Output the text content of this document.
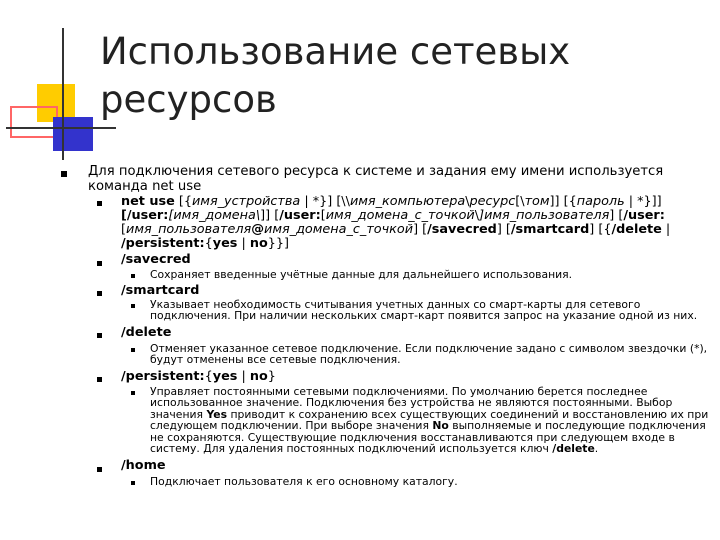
Использование сетевых
ресурсов
Для подключения сетевого ресурса к системе и задания ему имени используется
команда net use
net use [{имя_устройства | *}] [\\имя_компьютера\ресурс[\том]] [{пароль | *}]]
[/user:[имя_домена\]] [/user:[имя_домена_с_точкой\]имя_пользователя] [/user:
[имя_пользователя@имя_домена_с_точкой] [/savecred] [/smartcard] [{/delete |
/persistent:{yes | no}}]
/savecred
Сохраняет введенные учётные данные для дальнейшего использования.
/smartcard
Указывает необходимость считывания учетных данных со смарт-карты для сетевого
подключения. При наличии нескольких смарт-карт появится запрос на указание одной из них.
/delete
Отменяет указанное сетевое подключение. Если подключение задано с символом звездочки (*),
будут отменены все сетевые подключения.
/persistent:{yes | no}
Управляет постоянными сетевыми подключениями. По умолчанию берется последнее
использованное значение. Подключения без устройства не являются постоянными. Выбор
значения Yes приводит к сохранению всех существующих соединений и восстановлению их при
следующем подключении. При выборе значения No выполняемые и последующие подключения
не сохраняются. Существующие подключения восстанавливаются при следующем входе в
систему. Для удаления постоянных подключений используется ключ /delete.
/home
Подключает пользователя к его основному каталогу.
